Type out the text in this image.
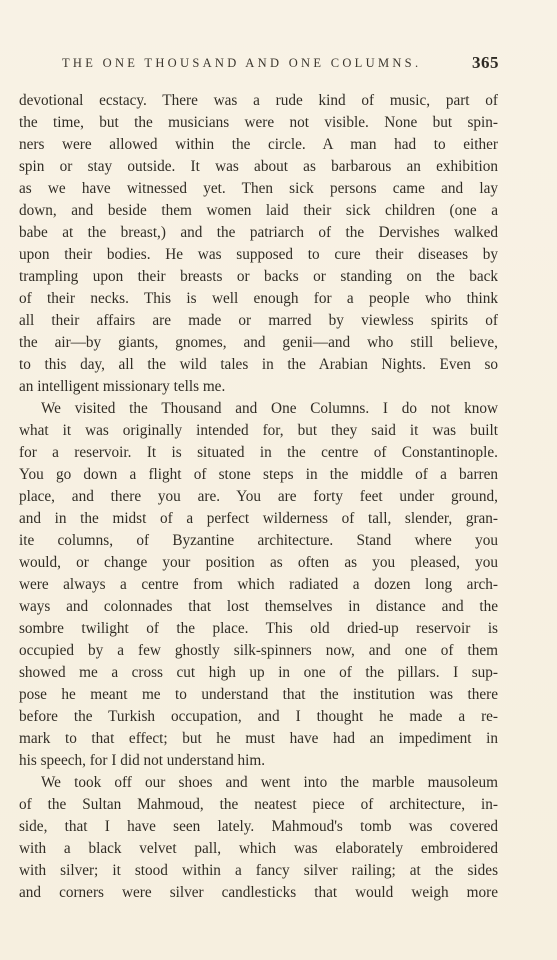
THE ONE THOUSAND AND ONE COLUMNS.	365
devotional ecstacy. There was a rude kind of music, part of
the time, but the musicians were not visible. None but spin-
ners were allowed within the circle. A man had to either
spin or stay outside. It was about as barbarous an exhibition
as we have witnessed yet. Then sick persons came and lay
down, and beside them women laid their sick children (one a
babe at the breast,) and the patriarch of the Dervishes walked
upon their bodies. He was supposed to cure their diseases by
trampling upon their breasts or backs or standing on the back
of their necks. This is well enough for a people who think
all their affairs are made or marred by viewless spirits of
the air—by giants, gnomes, and genii—and who still believe,
to this day, all the wild tales in the Arabian Nights. Even so
an intelligent missionary tells me.
We visited the Thousand and One Columns. I do not know
what it was originally intended for, but they said it was built
for a reservoir. It is situated in the centre of Constantinople.
You go down a flight of stone steps in the middle of a barren
place, and there you are. You are forty feet under ground,
and in the midst of a perfect wilderness of tall, slender, gran-
ite columns, of Byzantine architecture. Stand where you
would, or change your position as often as you pleased, you
were always a centre from which radiated a dozen long arch-
ways and colonnades that lost themselves in distance and the
sombre twilight of the place. This old dried-up reservoir is
occupied by a few ghostly silk-spinners now, and one of them
showed me a cross cut high up in one of the pillars. I sup-
pose he meant me to understand that the institution was there
before the Turkish occupation, and I thought he made a re-
mark to that effect; but he must have had an impediment in
his speech, for I did not understand him.
We took off our shoes and went into the marble mausoleum
of the Sultan Mahmoud, the neatest piece of architecture, in-
side, that I have seen lately. Mahmoud's tomb was covered
with a black velvet pall, which was elaborately embroidered
with silver; it stood within a fancy silver railing; at the sides
and corners were silver candlesticks that would weigh more
